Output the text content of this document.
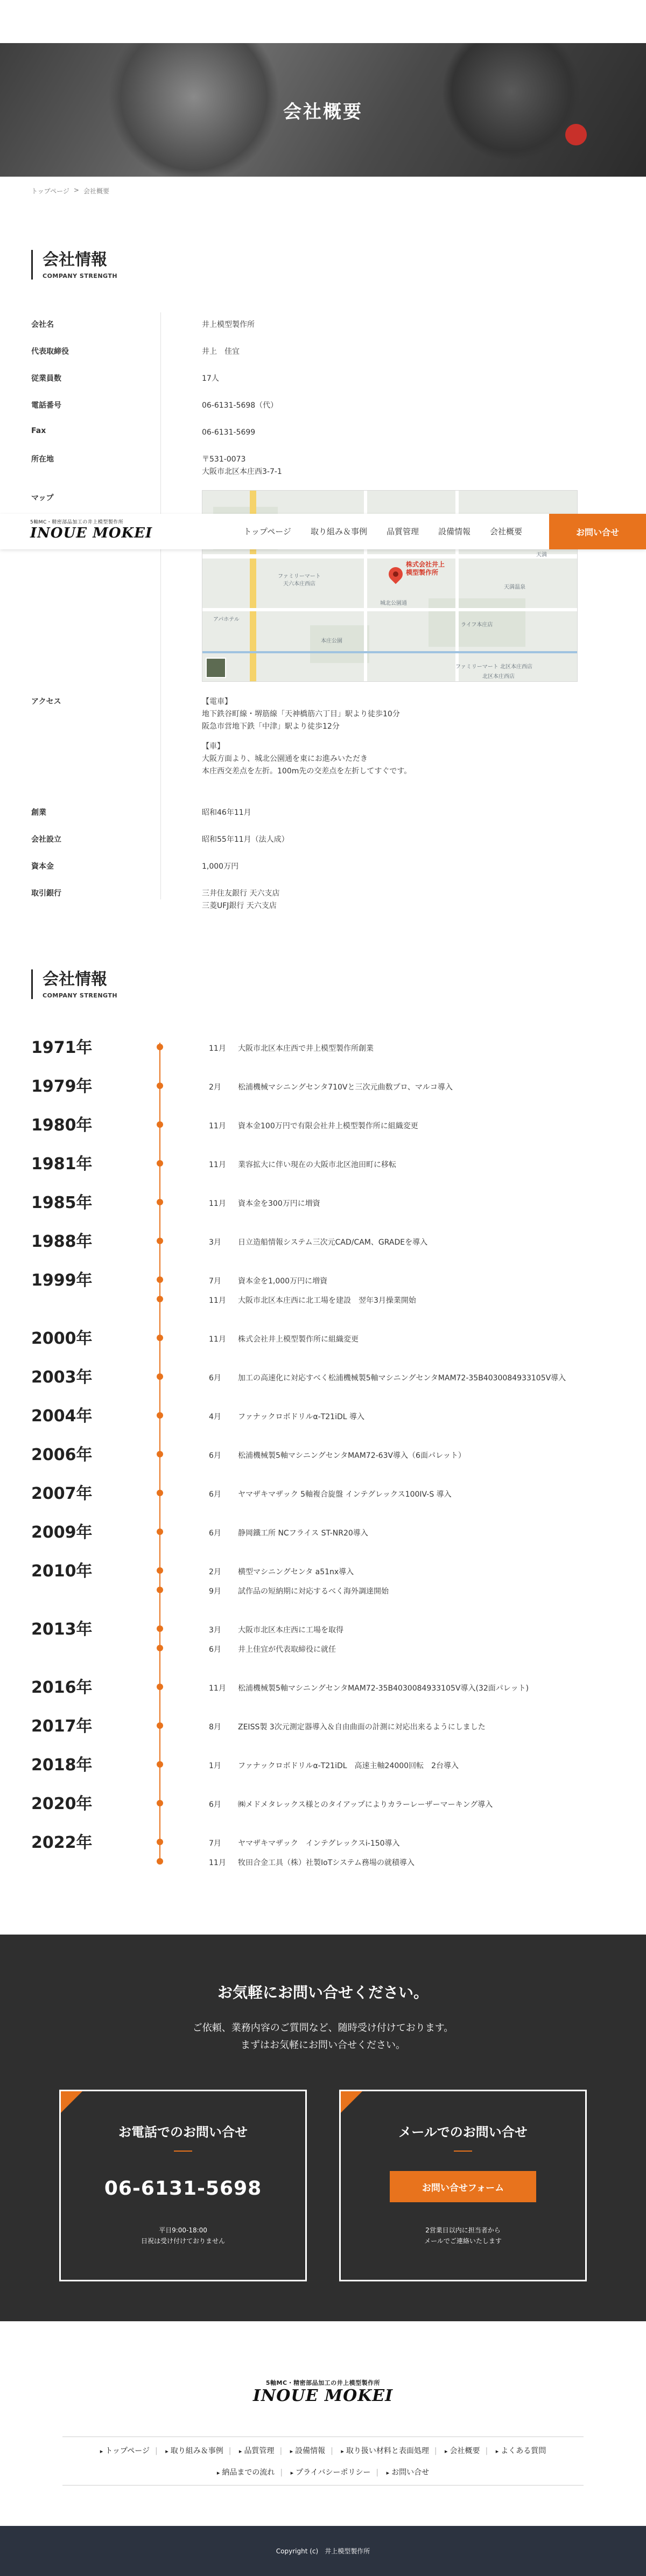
会社概要
トップページ > 会社概要
会社情報
COMPANY STRENGTH
会社名	井上模型製作所
代表取締役	井上　佳宜
従業員数	17人
電話番号	06-6131-5698（代）
Fax	06-6131-5699
所在地	〒531-0073
大阪市北区本庄西3-7-1
マップ
アクセス	【電車】
地下鉄谷町線・堺筋線「天神橋筋六丁目」駅より徒歩10分
阪急市営地下鉄「中津」駅より徒歩12分

【車】
大阪方面より、城北公園通を東にお進みいただき
本庄西交差点を左折。100m先の交差点を左折してすぐです。
創業	昭和46年11月
会社設立	昭和55年11月（法人成）
資本金	1,000万円
取引銀行	三井住友銀行 天六支店
三菱UFJ銀行 天六支店
株式会社井上
模型製作所
天満温泉
ライフ本庄店
ファミリーマート
天六本庄西店
ファミリーマート 北区本庄西店
北区本庄西店
本庄公園
天満
城北公園通
アパホテル
5軸MC・精密部品加工の井上模型製作所
INOUE MOKEI	トップページ 取り組み＆事例 品質管理 設備情報 会社概要	お問い合せ
会社情報
COMPANY STRENGTH
1971年	11月 大阪市北区本庄西で井上模型製作所創業
1979年	2月 松浦機械マシニングセンタ710Vと三次元曲数プロ、マルコ導入
1980年	11月 資本金100万円で有限会社井上模型製作所に組織変更
1981年	11月 業容拡大に伴い現在の大阪市北区池田町に移転
1985年	11月 資本金を300万円に増資
1988年	3月 日立造船情報システム三次元CAD/CAM、GRADEを導入
1999年	7月 資本金を1,000万円に増資
11月 大阪市北区本庄西に北工場を建設　翌年3月操業開始
2000年	11月 株式会社井上模型製作所に組織変更
2003年	6月 加工の高速化に対応すべく松浦機械製5軸マシニングセンタMAM72-35B4030084933105V導入
2004年	4月 ファナックロボドリルα-T21iDL 導入
2006年	6月 松浦機械製5軸マシニングセンタMAM72-63V導入（6面パレット）
2007年	6月 ヤマザキマザック 5軸複合旋盤 インテグレックス100IV-S 導入
2009年	6月 静岡鐵工所 NCフライス ST-NR20導入
2010年	2月 横型マシニングセンタ a51nx導入
9月 試作品の短納期に対応するべく海外調達開始
2013年	3月 大阪市北区本庄西に工場を取得
6月 井上佳宜が代表取締役に就任
2016年	11月 松浦機械製5軸マシニングセンタMAM72-35B4030084933105V導入(32面パレット)
2017年	8月 ZEISS製 3次元測定器導入＆自由曲面の計測に対応出来るようにしました
2018年	1月 ファナックロボドリルα-T21iDL　高速主軸24000回転　2台導入
2020年	6月 ㈱メドメタレックス様とのタイアップによりカラーレーザーマーキング導入
2022年	7月 ヤマザキマザック　インテグレックスi-150導入
11月 牧田合金工具（株）社製IoTシステム務場の就積導入
お気軽にお問い合せください。
ご依頼、業務内容のご質問など、随時受け付けております。
まずはお気軽にお問い合せください。
お電話でのお問い合せ
06-6131-5698
平日9:00-18:00
日祝は受け付けておりません
メールでのお問い合せ
お問い合せフォーム
2営業日以内に担当者から
メールでご連絡いたします
5軸MC・精密部品加工の井上模型製作所
INOUE MOKEI
▸ トップページ | ▸ 取り組み＆事例 | ▸ 品質管理 | ▸ 設備情報 | ▸ 取り扱い材料と表面処理 | ▸ 会社概要 | ▸ よくある質問
▸ 納品までの流れ | ▸ プライバシーポリシー | ▸ お問い合せ
Copyright (c)　井上模型製作所
